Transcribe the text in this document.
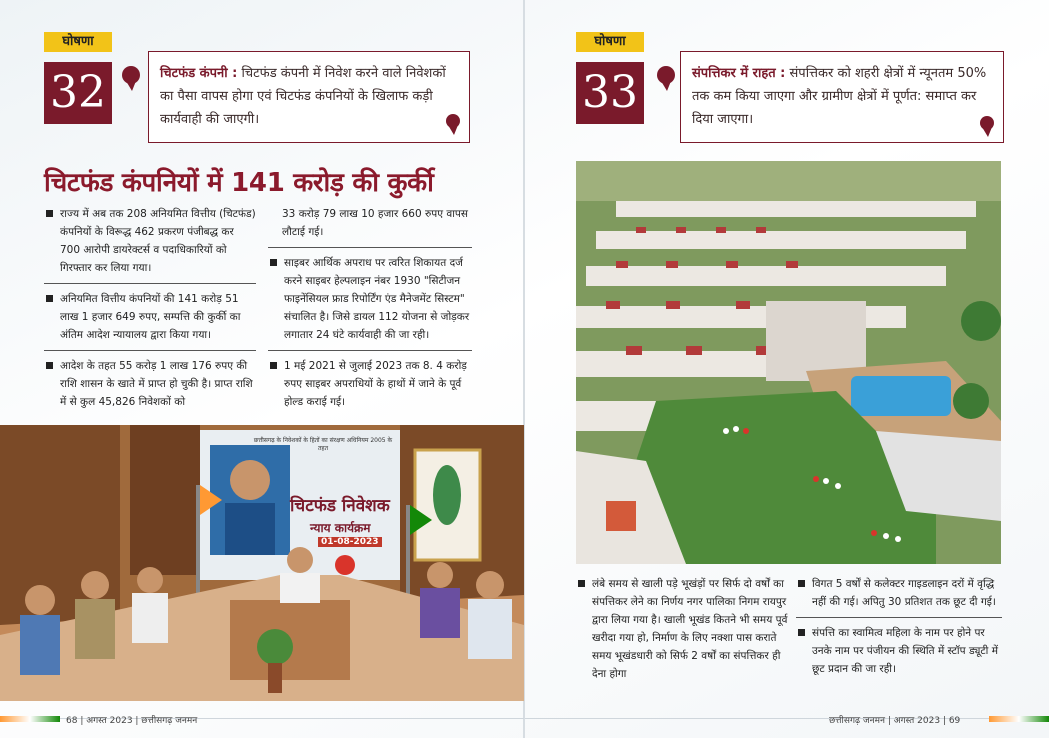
घोषणा
32	चिटफंड कंपनी : चिटफंड कंपनी में निवेश करने वाले निवेशकों का पैसा वापस होगा एवं चिटफंड कंपनियों के खिलाफ कड़ी कार्यवाही की जाएगी।
चिटफंड कंपनियों में 141 करोड़ की कुर्की
राज्य में अब तक 208 अनियमित वित्तीय (चिटफंड) कंपनियों के विरूद्ध 462 प्रकरण पंजीबद्ध कर 700 आरोपी डायरेक्टर्स व पदाधिकारियों को गिरफ्तार कर लिया गया।
अनियमित वित्तीय कंपनियों की 141 करोड़ 51 लाख 1 हजार 649 रुपए, सम्पत्ति की कुर्की का अंतिम आदेश न्यायालय द्वारा किया गया।
आदेश के तहत 55 करोड़ 1 लाख 176 रुपए की राशि शासन के खाते में प्राप्त हो चुकी है। प्राप्त राशि में से कुल 45,826 निवेशकों को
33 करोड़ 79 लाख 10 हजार 660 रुपए वापस लौटाई गई।
साइबर आर्थिक अपराध पर त्वरित शिकायत दर्ज करने साइबर हेल्पलाइन नंबर 1930 "सिटीजन फाइनेंसियल फ्राड रिपोर्टिंग एंड मैनेजमेंट सिस्टम" संचालित है। जिसे डायल 112 योजना से जोड़कर लगातार 24 घंटे कार्यवाही की जा रही।
1 मई 2021 से जुलाई 2023 तक 8. 4 करोड़ रुपए साइबर अपराधियों के हाथों में जाने के पूर्व होल्ड कराई गई।
छत्तीसगढ़ के निवेशकों के हितों का संरक्षण अधिनियम 2005 के तहत
चिटफंड निवेशक
न्याय कार्यक्रम
01-08-2023
68 | अगस्त 2023 | छत्तीसगढ़ जनमन
घोषणा
33	संपत्तिकर में राहत : संपत्तिकर को शहरी क्षेत्रों में न्यूनतम 50% तक कम किया जाएगा और ग्रामीण क्षेत्रों में पूर्णत: समाप्त कर दिया जाएगा।
लंबे समय से खाली पड़े भूखंड़ों पर सिर्फ दो वर्षों का संपत्तिकर लेने का निर्णय नगर पालिका निगम रायपुर द्वारा लिया गया है। खाली भूखंड कितने भी समय पूर्व खरीदा गया हो, निर्माण के लिए नक्शा पास कराते समय भूखंडधारी को सिर्फ 2 वर्षों का संपत्तिकर ही देना होगा
विगत 5 वर्षों से कलेक्टर गाइडलाइन दरों में वृद्धि नहीं की गई। अपितु 30 प्रतिशत तक छूट दी गई।
संपत्ति का स्वामित्व महिला के नाम पर होने पर उनके नाम पर पंजीयन की स्थिति में स्टॉप ड्यूटी में छूट प्रदान की जा रही।
छत्तीसगढ़ जनमन | अगस्त 2023 | 69
